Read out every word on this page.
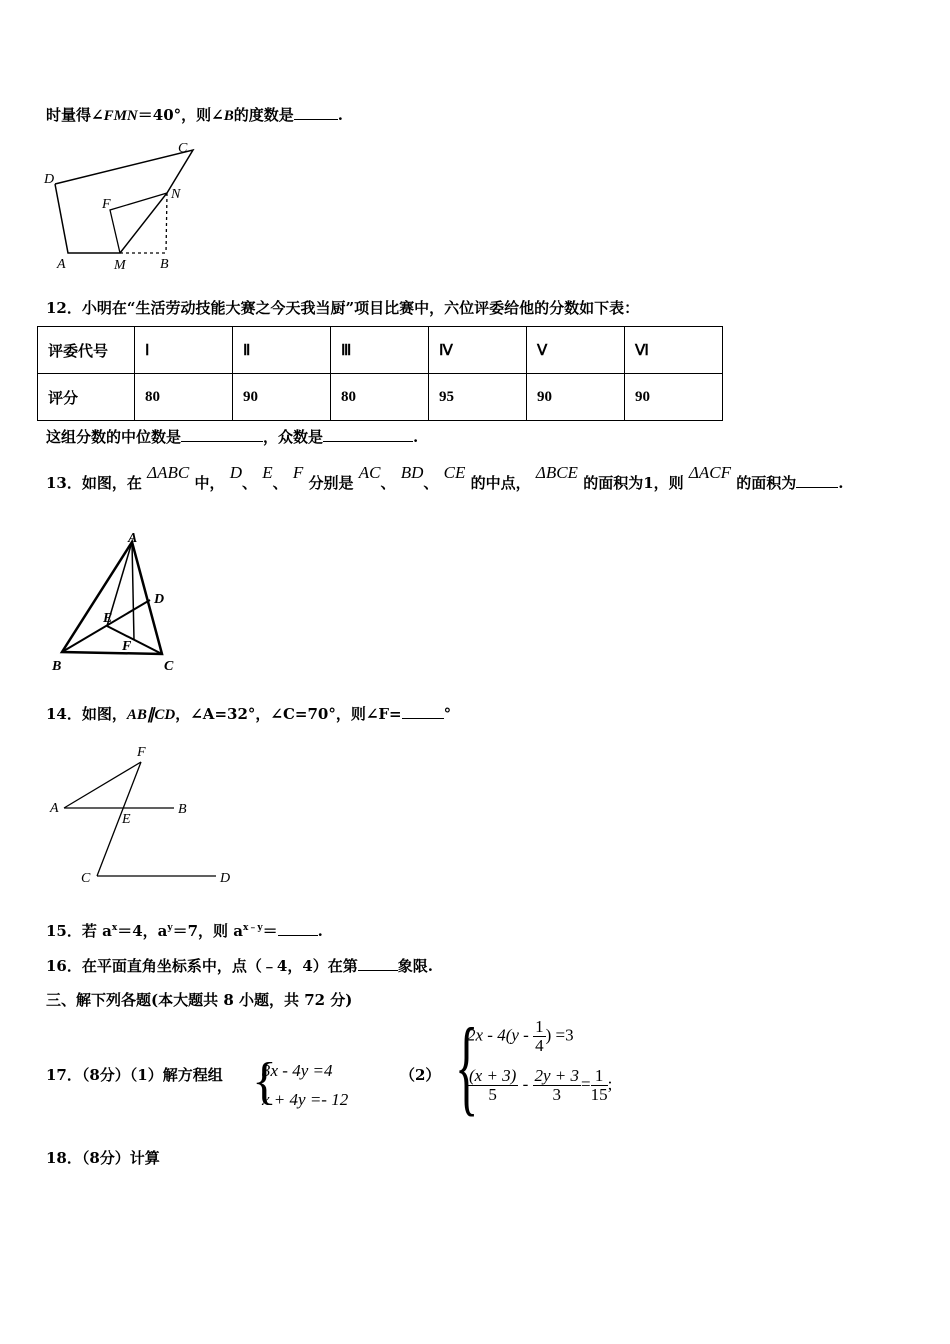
时量得∠FMN＝40°，则∠B的度数是	.
D
C
F
N
A	M B
12．小明在“生活劳动技能大赛之今天我当厨”项目比赛中，六位评委给他的分数如下表：
评委代号	Ⅰ	Ⅱ	Ⅲ	Ⅳ	Ⅴ	Ⅵ
评分	80	90	80	95	90	90
这组分数的中位数是	，众数是	.
13．如图，在 ΔABC 中， D、 E、 F 分别是 AC、 BD、 CE 的中点， ΔBCE 的面积为1，则 ΔACF 的面积为	.
A
D
E
F
B	C
14．如图，AB∥CD，∠A=32°，∠C=70°，则∠F=	°
F
A
E
B
C	D
15．若 $a^x=4$，$a^y=7$，则 $a^{x﹣y}=$	.
16．在平面直角坐标系中，点（﹣4，4）在第	象限.
三、解下列各题(本大题共 8 小题，共 72 分)
17．（8分）（1）解方程组 {
3x - 4y =4
x + 4y =- 12
（2） {
$2x - 4(y - \frac{1}{4}$ ) =3
$\frac{(x + 3)}{5} - \frac{2y + 3}{3} = \frac{1}{15}$ ;
18．（8分）计算
